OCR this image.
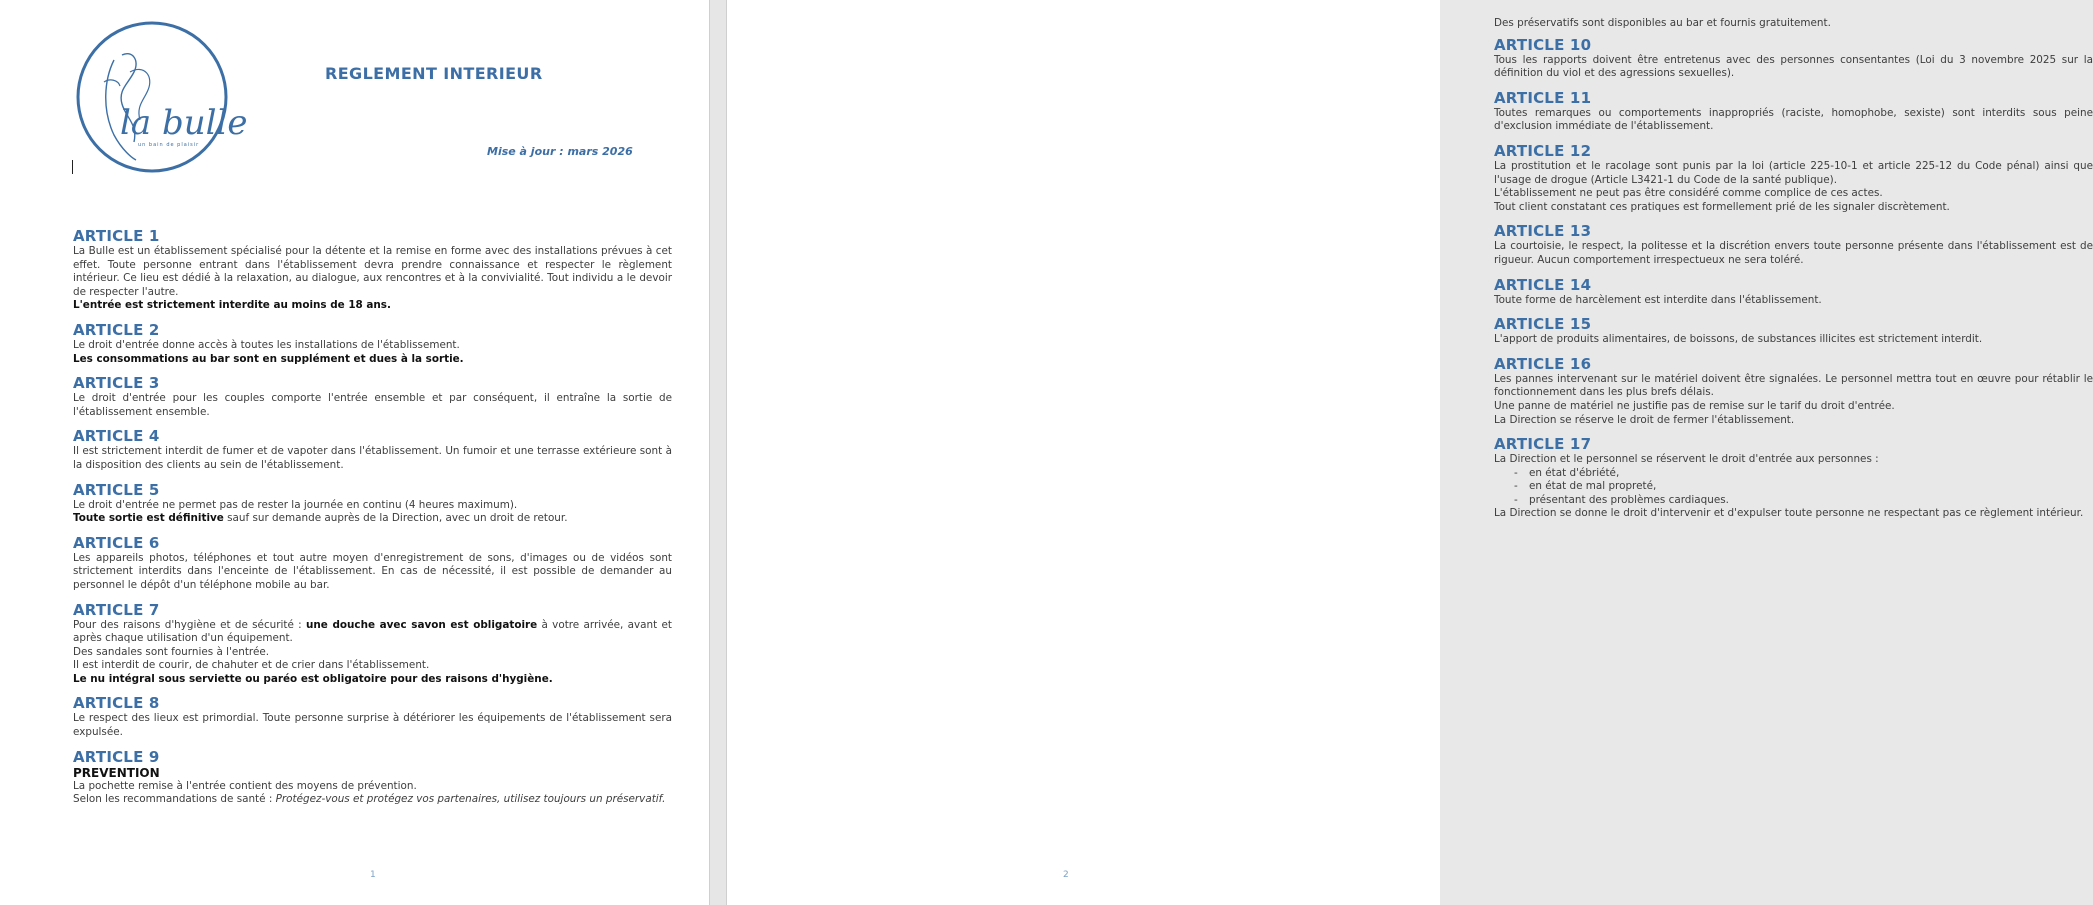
la bulle
un bain de plaisir
REGLEMENT INTERIEUR
Mise à jour : mars 2026
ARTICLE 1

La Bulle est un établissement spécialisé pour la détente et la remise en forme avec des installations prévues à cet effet. Toute personne entrant dans l'établissement devra prendre connaissance et respecter le règlement intérieur. Ce lieu est dédié à la relaxation, au dialogue, aux rencontres et à la convivialité. Tout individu a le devoir de respecter l'autre.

L'entrée est strictement interdite au moins de 18 ans.

ARTICLE 2

Le droit d'entrée donne accès à toutes les installations de l'établissement.

Les consommations au bar sont en supplément et dues à la sortie.

ARTICLE 3

Le droit d'entrée pour les couples comporte l'entrée ensemble et par conséquent, il entraîne la sortie de l'établissement ensemble.

ARTICLE 4

Il est strictement interdit de fumer et de vapoter dans l'établissement. Un fumoir et une terrasse extérieure sont à la disposition des clients au sein de l'établissement.

ARTICLE 5

Le droit d'entrée ne permet pas de rester la journée en continu (4 heures maximum).

Toute sortie est définitive sauf sur demande auprès de la Direction, avec un droit de retour.

ARTICLE 6

Les appareils photos, téléphones et tout autre moyen d'enregistrement de sons, d'images ou de vidéos sont strictement interdits dans l'enceinte de l'établissement. En cas de nécessité, il est possible de demander au personnel le dépôt d'un téléphone mobile au bar.

ARTICLE 7

Pour des raisons d'hygiène et de sécurité : une douche avec savon est obligatoire à votre arrivée, avant et après chaque utilisation d'un équipement.

Des sandales sont fournies à l'entrée.

Il est interdit de courir, de chahuter et de crier dans l'établissement.

Le nu intégral sous serviette ou paréo est obligatoire pour des raisons d'hygiène.

ARTICLE 8

Le respect des lieux est primordial. Toute personne surprise à détériorer les équipements de l'établissement sera expulsée.

ARTICLE 9

PREVENTION

La pochette remise à l'entrée contient des moyens de prévention.

Selon les recommandations de santé : Protégez-vous et protégez vos partenaires, utilisez toujours un préservatif.

1

Des préservatifs sont disponibles au bar et fournis gratuitement.

ARTICLE 10

Tous les rapports doivent être entretenus avec des personnes consentantes (Loi du 3 novembre 2025 sur la définition du viol et des agressions sexuelles).

ARTICLE 11

Toutes remarques ou comportements inappropriés (raciste, homophobe, sexiste) sont interdits sous peine d'exclusion immédiate de l'établissement.

ARTICLE 12

La prostitution et le racolage sont punis par la loi (article 225-10-1 et article 225-12 du Code pénal) ainsi que l'usage de drogue (Article L3421-1 du Code de la santé publique).

L'établissement ne peut pas être considéré comme complice de ces actes.

Tout client constatant ces pratiques est formellement prié de les signaler discrètement.

ARTICLE 13

La courtoisie, le respect, la politesse et la discrétion envers toute personne présente dans l'établissement est de rigueur. Aucun comportement irrespectueux ne sera toléré.

ARTICLE 14

Toute forme de harcèlement est interdite dans l'établissement.

ARTICLE 15

L'apport de produits alimentaires, de boissons, de substances illicites est strictement interdit.

ARTICLE 16

Les pannes intervenant sur le matériel doivent être signalées. Le personnel mettra tout en œuvre pour rétablir le fonctionnement dans les plus brefs délais.

Une panne de matériel ne justifie pas de remise sur le tarif du droit d'entrée.

La Direction se réserve le droit de fermer l'établissement.

ARTICLE 17

La Direction et le personnel se réservent le droit d'entrée aux personnes :

- en état d'ébriété,
- en état de mal propreté,
- présentant des problèmes cardiaques.

La Direction se donne le droit d'intervenir et d'expulser toute personne ne respectant pas ce règlement intérieur.

2
